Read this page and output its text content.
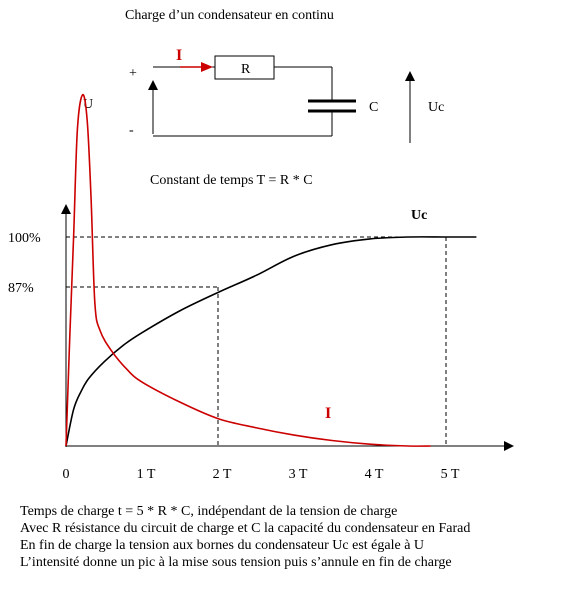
Charge d’un condensateur en continu
I
R
C
+
-
U	Uc
0	1 T	2 T	3 T	4 T	5 T
100%
87%
Uc
I
Constant de temps T = R * C
Temps de charge t = 5 * R * C, indépendant de la tension de charge
Avec R résistance du circuit de charge et C la capacité du condensateur en Farad
En fin de charge la tension aux bornes du condensateur Uc est égale à U
L’intensité donne un pic à la mise sous tension puis s’annule en fin de charge
